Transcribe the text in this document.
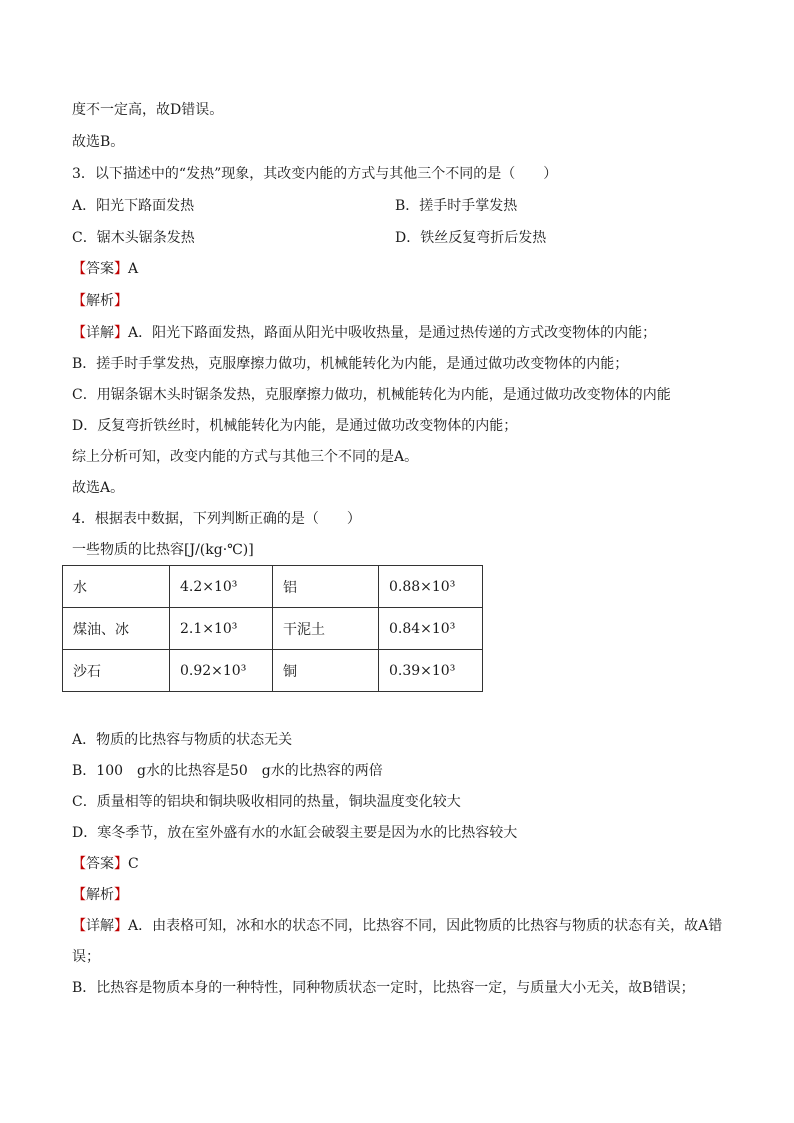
度不一定高，故D错误。
故选B。
3．以下描述中的“发热”现象，其改变内能的方式与其他三个不同的是（　　）
A．阳光下路面发热	B．搓手时手掌发热
C．锯木头锯条发热	D．铁丝反复弯折后发热
【答案】A
【解析】
【详解】A．阳光下路面发热，路面从阳光中吸收热量，是通过热传递的方式改变物体的内能；
B．搓手时手掌发热，克服摩擦力做功，机械能转化为内能，是通过做功改变物体的内能；
C．用锯条锯木头时锯条发热，克服摩擦力做功，机械能转化为内能，是通过做功改变物体的内能
D．反复弯折铁丝时，机械能转化为内能，是通过做功改变物体的内能；
综上分析可知，改变内能的方式与其他三个不同的是A。
故选A。
4．根据表中数据，下列判断正确的是（　　）
一些物质的比热容[J/(kg·℃)]
水	4.2×10³	铝	0.88×10³
煤油、冰	2.1×10³	干泥土	0.84×10³
沙石	0.92×10³	铜	0.39×10³
A．物质的比热容与物质的状态无关
B．100　g水的比热容是50　g水的比热容的两倍
C．质量相等的铝块和铜块吸收相同的热量，铜块温度变化较大
D．寒冬季节，放在室外盛有水的水缸会破裂主要是因为水的比热容较大
【答案】C
【解析】
【详解】A．由表格可知，冰和水的状态不同，比热容不同，因此物质的比热容与物质的状态有关，故A错
误；
B．比热容是物质本身的一种特性，同种物质状态一定时，比热容一定，与质量大小无关，故B错误；
